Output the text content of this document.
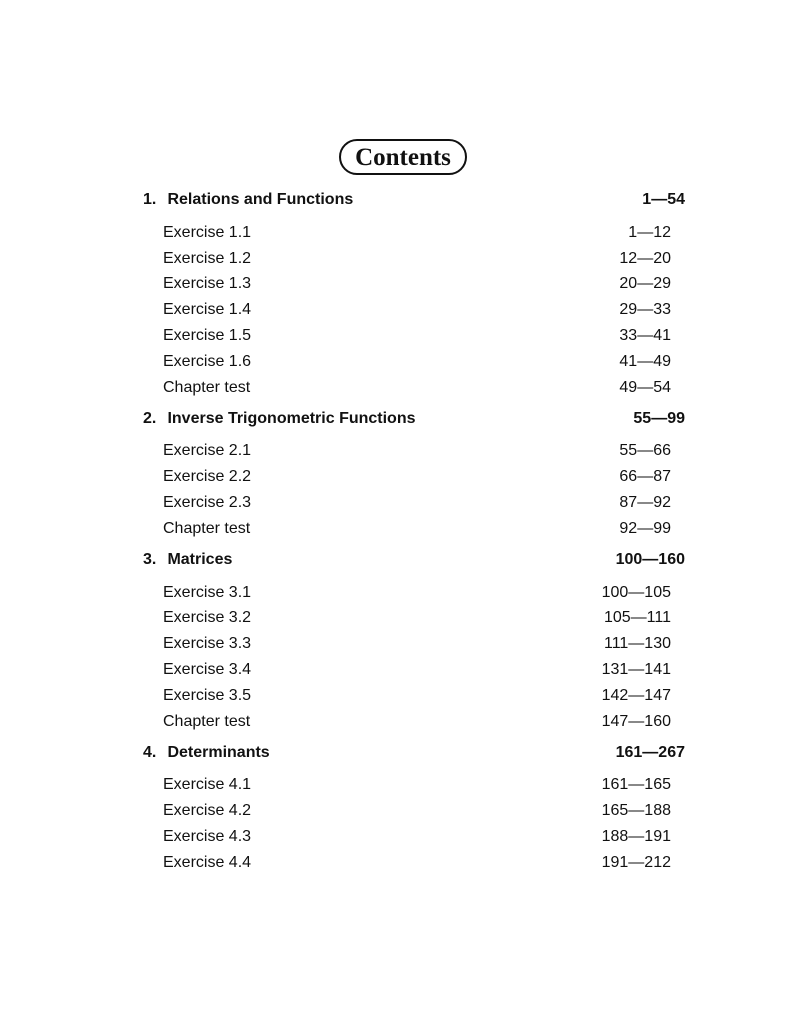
Contents
1. Relations and Functions	1—54
Exercise 1.1	1—12
Exercise 1.2	12—20
Exercise 1.3	20—29
Exercise 1.4	29—33
Exercise 1.5	33—41
Exercise 1.6	41—49
Chapter test	49—54
2. Inverse Trigonometric Functions	55—99
Exercise 2.1	55—66
Exercise 2.2	66—87
Exercise 2.3	87—92
Chapter test	92—99
3. Matrices	100—160
Exercise 3.1	100—105
Exercise 3.2	105—111
Exercise 3.3	111—130
Exercise 3.4	131—141
Exercise 3.5	142—147
Chapter test	147—160
4. Determinants	161—267
Exercise 4.1	161—165
Exercise 4.2	165—188
Exercise 4.3	188—191
Exercise 4.4	191—212
